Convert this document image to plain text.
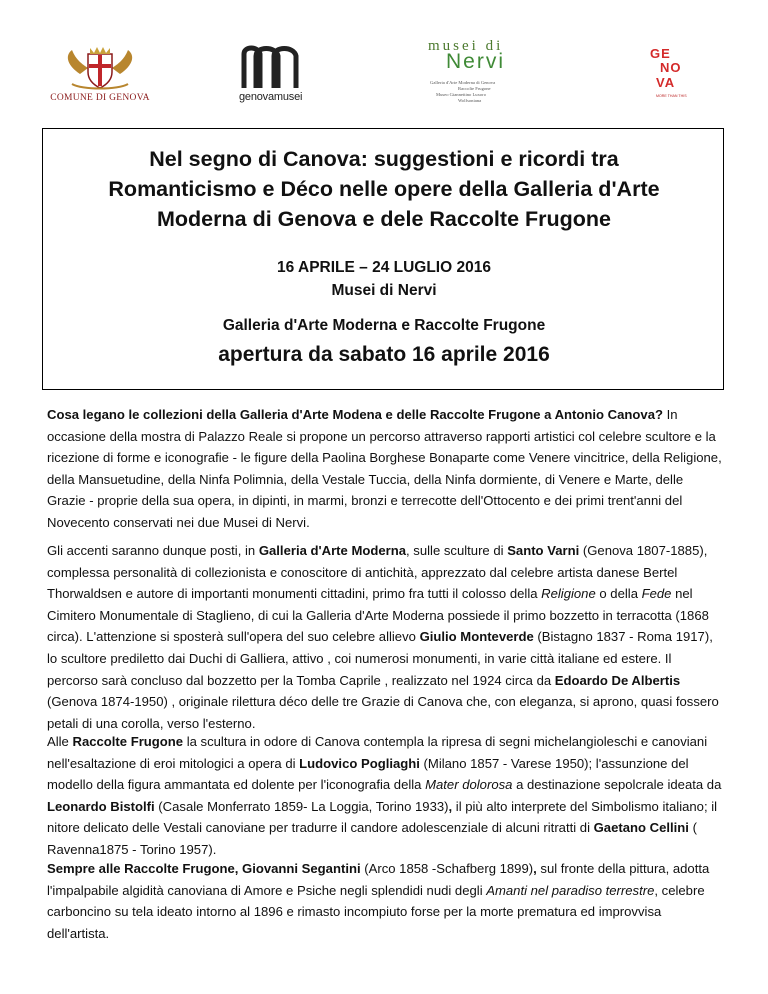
COMUNE DI GENOVA	genovamusei
musei di
Nervi
Galleria d'Arte Moderna di Genova
Raccolte Frugone
Museo Giannettino Luxoro
Wolfsoniana
GE
NO
VA
MORE THAN THIS
Nel segno di Canova: suggestioni e ricordi tra
Romanticismo e Déco nelle opere della Galleria d'Arte
Moderna di Genova e dele Raccolte Frugone
16 APRILE – 24 LUGLIO 2016
Musei di Nervi
Galleria d'Arte Moderna e Raccolte Frugone
apertura da sabato 16 aprile 2016

Cosa legano le collezioni della Galleria d'Arte Modena e delle Raccolte Frugone a Antonio Canova? In occasione della mostra di Palazzo Reale si propone un percorso attraverso rapporti artistici col celebre scultore e la ricezione di forme e iconografie - le figure della Paolina Borghese Bonaparte come Venere vincitrice, della Religione, della Mansuetudine, della Ninfa Polimnia, della Vestale Tuccia, della Ninfa dormiente, di Venere e Marte, delle Grazie - proprie della sua opera, in dipinti, in marmi, bronzi e terrecotte dell'Ottocento e dei primi trent'anni del Novecento conservati nei due Musei di Nervi.

Gli accenti saranno dunque posti, in Galleria d'Arte Moderna, sulle sculture di Santo Varni (Genova 1807-1885), complessa personalità di collezionista e conoscitore di antichità, apprezzato dal celebre artista danese Bertel Thorwaldsen e autore di importanti monumenti cittadini, primo fra tutti il colosso della Religione o della Fede nel Cimitero Monumentale di Staglieno, di cui la Galleria d'Arte Moderna possiede il primo bozzetto in terracotta (1868 circa). L'attenzione si sposterà sull'opera del suo celebre allievo Giulio Monteverde (Bistagno 1837 - Roma 1917), lo scultore prediletto dai Duchi di Galliera, attivo , coi numerosi monumenti, in varie città italiane ed estere. Il percorso sarà concluso dal bozzetto per la Tomba Caprile , realizzato nel 1924 circa da Edoardo De Albertis (Genova 1874-1950) , originale rilettura déco delle tre Grazie di Canova che, con eleganza, si aprono, quasi fossero petali di una corolla, verso l'esterno.

Alle Raccolte Frugone la scultura in odore di Canova contempla la ripresa di segni michelangioleschi e canoviani nell'esaltazione di eroi mitologici a opera di Ludovico Pogliaghi (Milano 1857 - Varese 1950); l'assunzione del modello della figura ammantata ed dolente per l'iconografia della Mater dolorosa a destinazione sepolcrale ideata da Leonardo Bistolfi (Casale Monferrato 1859- La Loggia, Torino 1933), il più alto interprete del Simbolismo italiano; il nitore delicato delle Vestali canoviane per tradurre il candore adolescenziale di alcuni ritratti di Gaetano Cellini ( Ravenna1875 - Torino 1957).

Sempre alle Raccolte Frugone, Giovanni Segantini (Arco 1858 -Schafberg 1899), sul fronte della pittura, adotta l'impalpabile algidità canoviana di Amore e Psiche negli splendidi nudi degli Amanti nel paradiso terrestre, celebre carboncino su tela ideato intorno al 1896 e rimasto incompiuto forse per la morte prematura ed improvvisa dell'artista.
